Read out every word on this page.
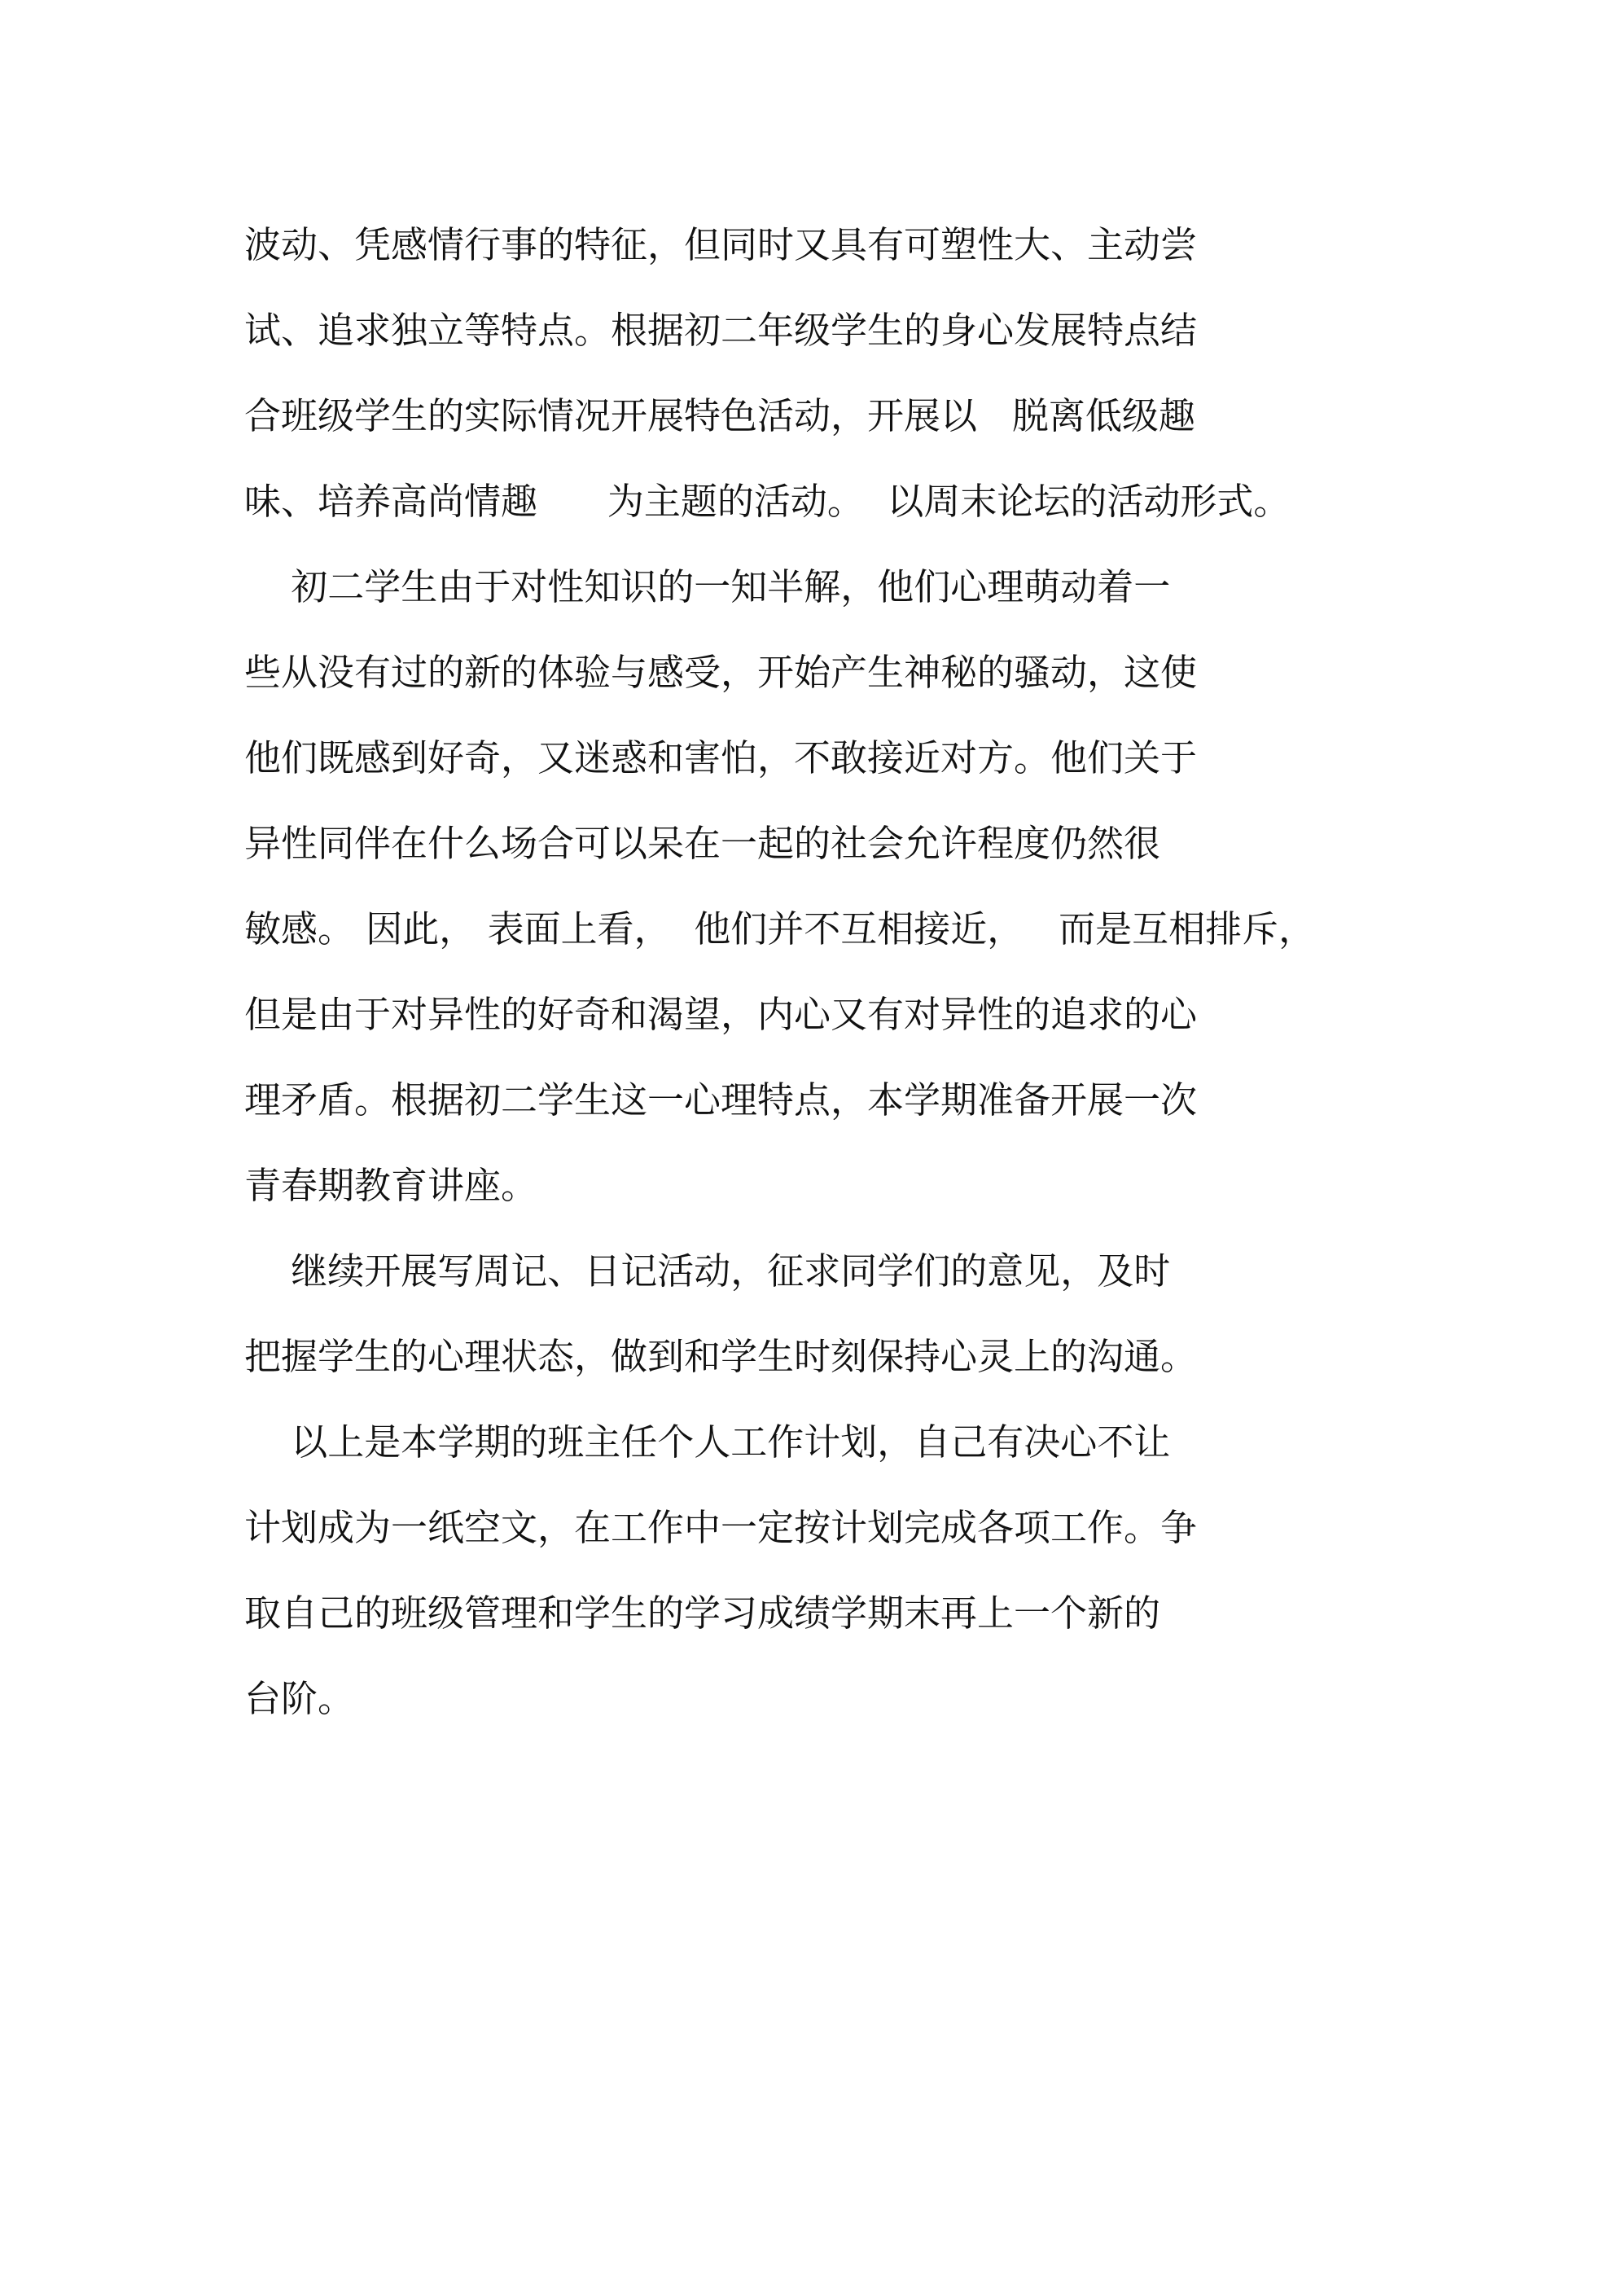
波动、凭感情行事的特征，但同时又具有可塑性大、主动尝

试、追求独立等特点。根据初二年级学生的身心发展特点结

合班级学生的实际情况开展特色活动，开展以   脱离低级趣

味、培养高尚情趣      为主题的活动。  以周末论坛的活动形式。

初二学生由于对性知识的一知半解，他们心理萌动着一

些从没有过的新的体验与感受，开始产生神秘的骚动，这使

他们既感到好奇，又迷惑和害怕，不敢接近对方。他们关于

异性同伴在什么场合可以呆在一起的社会允许程度仍然很

敏感。 因此， 表面上看，  他们并不互相接近，   而是互相排斥，

但是由于对异性的好奇和渴望，内心又有对异性的追求的心

理矛盾。根据初二学生这一心理特点，本学期准备开展一次

青春期教育讲座。

继续开展写周记、日记活动，征求同学们的意见，及时

把握学生的心理状态，做到和学生时刻保持心灵上的沟通。

以上是本学期的班主任个人工作计划，自己有决心不让

计划成为一纸空文，在工作中一定按计划完成各项工作。争

取自己的班级管理和学生的学习成绩学期末再上一个新的

台阶。
